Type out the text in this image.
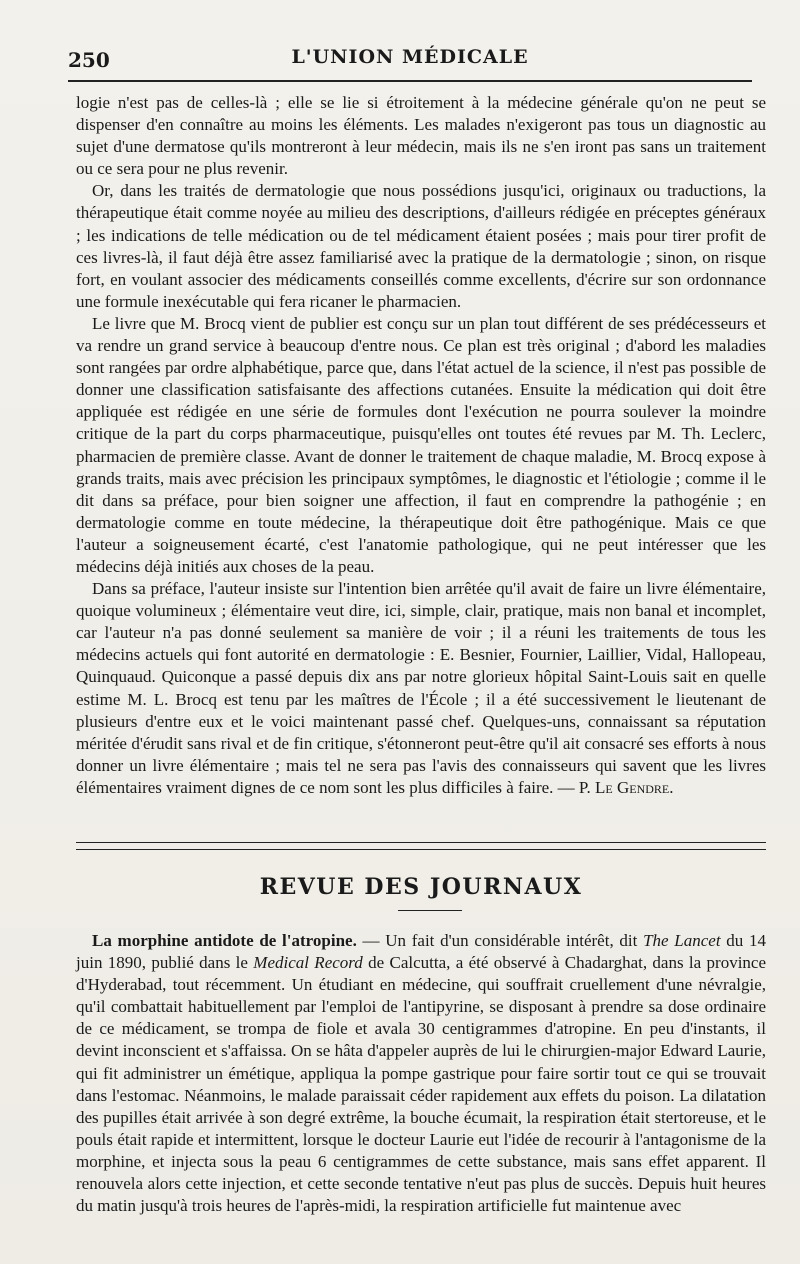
250	L'UNION MÉDICALE

logie n'est pas de celles-là ; elle se lie si étroitement à la médecine générale qu'on ne peut se dispenser d'en connaître au moins les éléments. Les malades n'exigeront pas tous un diagnostic au sujet d'une dermatose qu'ils montreront à leur médecin, mais ils ne s'en iront pas sans un traitement ou ce sera pour ne plus revenir.

Or, dans les traités de dermatologie que nous possédions jusqu'ici, originaux ou traductions, la thérapeutique était comme noyée au milieu des descriptions, d'ailleurs rédigée en préceptes généraux ; les indications de telle médication ou de tel médicament étaient posées ; mais pour tirer profit de ces livres-là, il faut déjà être assez familiarisé avec la pratique de la dermatologie ; sinon, on risque fort, en voulant associer des médicaments conseillés comme excellents, d'écrire sur son ordonnance une formule inexécutable qui fera ricaner le pharmacien.

Le livre que M. Brocq vient de publier est conçu sur un plan tout différent de ses prédécesseurs et va rendre un grand service à beaucoup d'entre nous. Ce plan est très original ; d'abord les maladies sont rangées par ordre alphabétique, parce que, dans l'état actuel de la science, il n'est pas possible de donner une classification satisfaisante des affections cutanées. Ensuite la médication qui doit être appliquée est rédigée en une série de formules dont l'exécution ne pourra soulever la moindre critique de la part du corps pharmaceutique, puisqu'elles ont toutes été revues par M. Th. Leclerc, pharmacien de première classe. Avant de donner le traitement de chaque maladie, M. Brocq expose à grands traits, mais avec précision les principaux symptômes, le diagnostic et l'étiologie ; comme il le dit dans sa préface, pour bien soigner une affection, il faut en comprendre la pathogénie ; en dermatologie comme en toute médecine, la thérapeutique doit être pathogénique. Mais ce que l'auteur a soigneusement écarté, c'est l'anatomie pathologique, qui ne peut intéresser que les médecins déjà initiés aux choses de la peau.

Dans sa préface, l'auteur insiste sur l'intention bien arrêtée qu'il avait de faire un livre élémentaire, quoique volumineux ; élémentaire veut dire, ici, simple, clair, pratique, mais non banal et incomplet, car l'auteur n'a pas donné seulement sa manière de voir ; il a réuni les traitements de tous les médecins actuels qui font autorité en dermatologie : E. Besnier, Fournier, Laillier, Vidal, Hallopeau, Quinquaud. Quiconque a passé depuis dix ans par notre glorieux hôpital Saint-Louis sait en quelle estime M. L. Brocq est tenu par les maîtres de l'École ; il a été successivement le lieutenant de plusieurs d'entre eux et le voici maintenant passé chef. Quelques-uns, connaissant sa réputation méritée d'érudit sans rival et de fin critique, s'étonneront peut-être qu'il ait consacré ses efforts à nous donner un livre élémentaire ; mais tel ne sera pas l'avis des connaisseurs qui savent que les livres élémentaires vraiment dignes de ce nom sont les plus difficiles à faire. — P. Le Gendre.

REVUE DES JOURNAUX

La morphine antidote de l'atropine. — Un fait d'un considérable intérêt, dit The Lancet du 14 juin 1890, publié dans le Medical Record de Calcutta, a été observé à Chadarghat, dans la province d'Hyderabad, tout récemment. Un étudiant en médecine, qui souffrait cruellement d'une névralgie, qu'il combattait habituellement par l'emploi de l'antipyrine, se disposant à prendre sa dose ordinaire de ce médicament, se trompa de fiole et avala 30 centigrammes d'atropine. En peu d'instants, il devint inconscient et s'affaissa. On se hâta d'appeler auprès de lui le chirurgien-major Edward Laurie, qui fit administrer un émétique, appliqua la pompe gastrique pour faire sortir tout ce qui se trouvait dans l'estomac. Néanmoins, le malade paraissait céder rapidement aux effets du poison. La dilatation des pupilles était arrivée à son degré extrême, la bouche écumait, la respiration était stertoreuse, et le pouls était rapide et intermittent, lorsque le docteur Laurie eut l'idée de recourir à l'antagonisme de la morphine, et injecta sous la peau 6 centigrammes de cette substance, mais sans effet apparent. Il renouvela alors cette injection, et cette seconde tentative n'eut pas plus de succès. Depuis huit heures du matin jusqu'à trois heures de l'après-midi, la respiration artificielle fut maintenue avec
